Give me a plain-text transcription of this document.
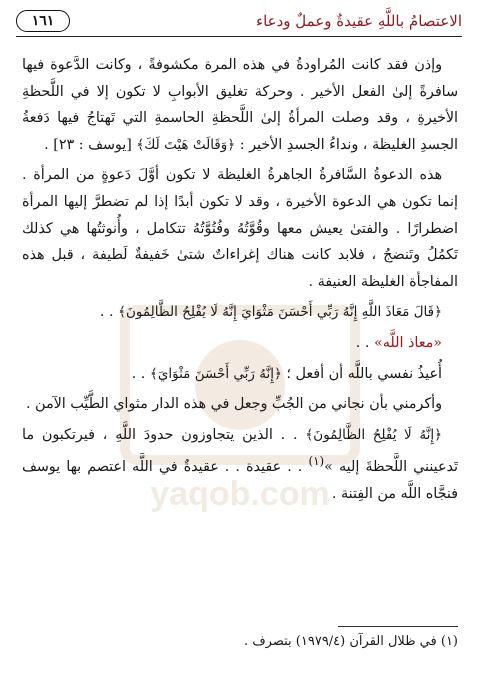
الاعتصامُ باللَّهِ عقيدةٌ وعملٌ ودعاء
١٦١
yaqob.com

وإذن فقد كانت المُراودةُ في هذه المرة مكشوفةً ، وكانت الدَّعوة فيها سافرةً إلىٰ الفعل الأخير . وحركة تغليق الأبوابِ لا تكون إلا في اللَّحظةِ الأخيرةِ ، وقد وصلت المرأةُ إلىٰ اللَّحظةِ الحاسمةِ التي تَهتاجُ فيها دَفعةُ الجسدِ الغليظة ، ونداءُ الجسدِ الأخير : ﴿وَقَالَتْ هَيْتَ لَكَ﴾ [يوسف : ٢٣] .

هذه الدعوةُ السَّافرةُ الجاهرةُ الغليظة لا تكون أوَّلَ دَعوةٍ من المرأة . إنما تكون هي الدعوة الأخيرة ، وقد لا تكون أبدًا إذا لم تضطرَّ إليها المرأة اضطرارًا . والفتىٰ يعيش معها وقُوَّتُهُ وفُتُوَّتُهُ تتكامل ، وأُنوثتُها هي كذلك تَكمُلُ وتَنضجُ ، فلابد كانت هناك إغراءاتٌ شتىٰ خَفيفةٌ لَطيفة ، قبل هذه المفاجأة الغليظة العنيفة .

﴿قَالَ مَعَاذَ اللَّهِ إِنَّهُ رَبِّي أَحْسَنَ مَثْوَايَ إِنَّهُ لَا يُفْلِحُ الظَّالِمُونَ﴾ . .

«معاذ اللَّه» . .

أُعيذُ نفسي باللَّه أن أفعل ؛ ﴿إِنَّهُ رَبِّي أَحْسَنَ مَثْوَايَ﴾ . .

وأكرمني بأن نجاني من الجُبِّ وجعل في هذه الدار مثواي الطَّيِّب الآمن .

﴿إِنَّهُ لَا يُفْلِحُ الظَّالِمُونَ﴾ . . الذين يتجاوزون حدودَ اللَّهِ ، فيرتكبون ما تَدعينني اللَّحظةَ إليه »$^{(١)}$ . . عقيدة . . عقيدةٌ في اللَّه اعتصم بها يوسف فنجَّاه اللَّه من الفِتنة .

(١) في ظلال القرآن (١٩٧٩/٤) بتصرف .
